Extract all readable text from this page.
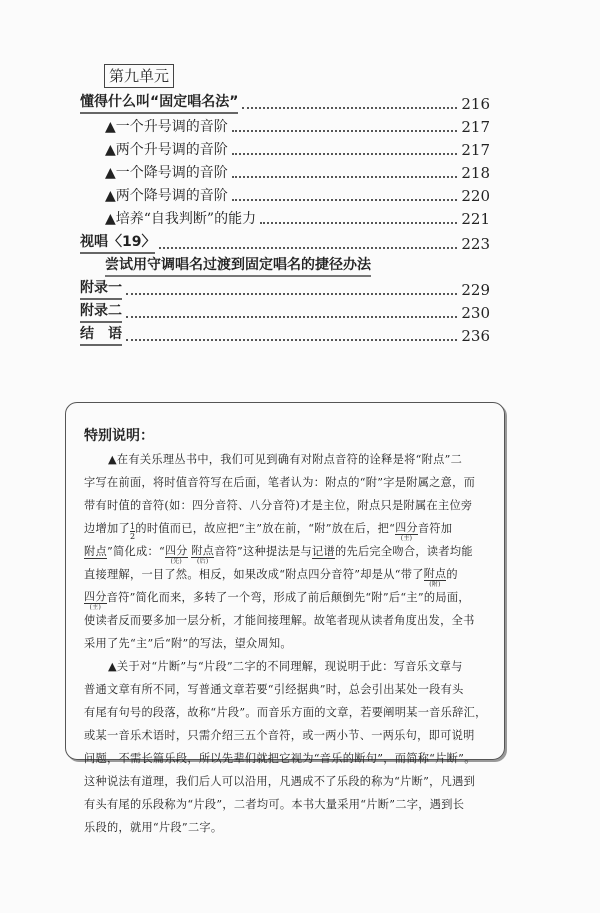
第九单元
懂得什么叫“固定唱名法”	216
▲一个升号调的音阶	217
▲两个升号调的音阶	217
▲一个降号调的音阶	218
▲两个降号调的音阶	220
▲培养“自我判断”的能力	221
视唱〈19〉	223
尝试用守调唱名过渡到固定唱名的捷径办法
附录一	229
附录二	230
结　语	236
特别说明：
▲在有关乐理丛书中，我们可见到确有对附点音符的诠释是将“附点”二
字写在前面，将时值音符写在后面，笔者认为：附点的“附”字是附属之意，而
带有时值的音符(如：四分音符、八分音符)才是主位，附点只是附属在主位旁
边增加了 $\frac{1}{2}$的时值而已，故应把“主”放在前，“附”放在后，把“ 四分
(主)
音符加
附点”简化成：“ 四分
(先)

附点
(后)
音符”这种提法是与记谱的先后完全吻合，读者均能
直接理解，一目了然。相反，如果改成“附点四分音符”却是从“带了 附点
(附)
的
四分
(主)
音符”简化而来，多转了一个弯，形成了前后颠倒先“附”后“主”的局面，
使读者反而要多加一层分析，才能间接理解。故笔者现从读者角度出发，全书
采用了先“主”后“附”的写法，望众周知。
▲关于对“片断”与“片段”二字的不同理解，现说明于此：写音乐文章与
普通文章有所不同，写普通文章若要“引经据典”时，总会引出某处一段有头
有尾有句号的段落，故称“片段”。而音乐方面的文章，若要阐明某一音乐辞汇，
或某一音乐术语时，只需介绍三五个音符，或一两小节、一两乐句，即可说明
问题，不需长篇乐段，所以先辈们就把它视为“音乐的断句”，而简称“片断”。
这种说法有道理，我们后人可以沿用，凡遇成不了乐段的称为“片断”，凡遇到
有头有尾的乐段称为“片段”，二者均可。本书大量采用“片断”二字，遇到长
乐段的，就用“片段”二字。
